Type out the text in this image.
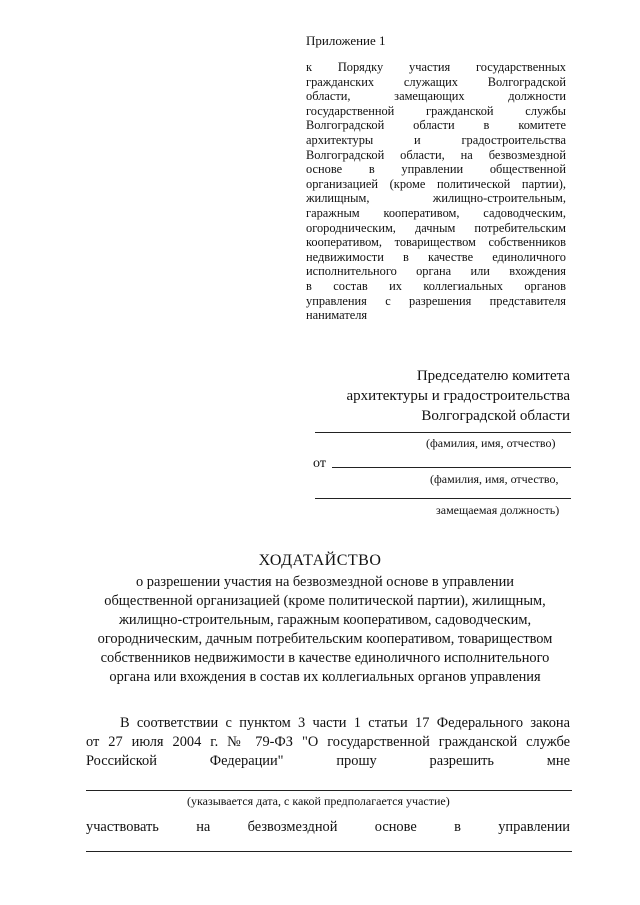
Приложение 1
к Порядку участия государственных
гражданских служащих Волгоградской
области, замещающих должности
государственной гражданской службы
Волгоградской области в комитете
архитектуры и градостроительства
Волгоградской области, на безвозмездной
основе в управлении общественной
организацией (кроме политической партии),
жилищным, жилищно-строительным,
гаражным кооперативом, садоводческим,
огородническим, дачным потребительским
кооперативом, товариществом собственников
недвижимости в качестве единоличного
исполнительного органа или вхождения
в состав их коллегиальных органов
управления с разрешения представителя
нанимателя
Председателю комитета
архитектуры и градостроительства
Волгоградской области
(фамилия, имя, отчество)
от
(фамилия, имя, отчество,
замещаемая должность)
ХОДАТАЙСТВО
о разрешении участия на безвозмездной основе в управлении
общественной организацией (кроме политической партии), жилищным,
жилищно-строительным, гаражным кооперативом, садоводческим,
огородническим, дачным потребительским кооперативом, товариществом
собственников недвижимости в качестве единоличного исполнительного
органа или вхождения в состав их коллегиальных органов управления
В соответствии с пунктом 3 части 1 статьи 17 Федерального закона
от 27 июля 2004 г. № 79-ФЗ "О государственной гражданской службе
Российской Федерации" прошу разрешить мне
(указывается дата, с какой предполагается участие)
участвовать на безвозмездной основе в управлении
